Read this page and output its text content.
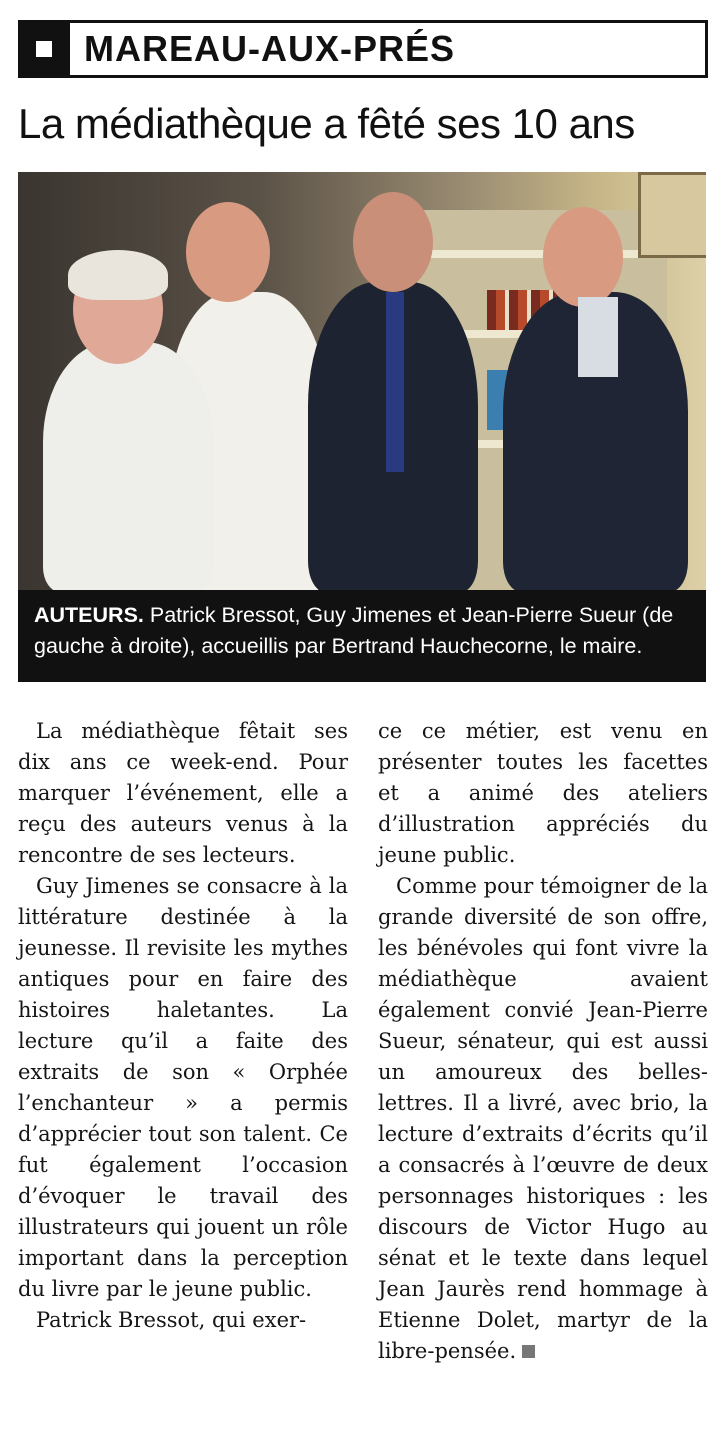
MAREAU-AUX-PRÉS
La médiathèque a fêté ses 10 ans
AUTEURS. Patrick Bressot, Guy Jimenes et Jean-Pierre Sueur (de gauche à droite), accueillis par Bertrand Hauchecorne, le maire.

La médiathèque fêtait ses dix ans ce week-end. Pour marquer l’événement, elle a reçu des auteurs venus à la rencontre de ses lecteurs.

Guy Jimenes se consacre à la littérature destinée à la jeunesse. Il revisite les mythes antiques pour en faire des histoires haletantes. La lecture qu’il a faite des extraits de son « Orphée l’enchanteur » a permis d’apprécier tout son talent. Ce fut également l’occasion d’évoquer le travail des illustrateurs qui jouent un rôle important dans la perception du livre par le jeune public.

Patrick Bressot, qui exer-

ce ce métier, est venu en présenter toutes les facettes et a animé des ateliers d’illustration appréciés du jeune public.

Comme pour témoigner de la grande diversité de son offre, les bénévoles qui font vivre la médiathèque avaient également convié Jean-Pierre Sueur, sénateur, qui est aussi un amoureux des belles-lettres. Il a livré, avec brio, la lecture d’extraits d’écrits qu’il a consacrés à l’œuvre de deux personnages historiques : les discours de Victor Hugo au sénat et le texte dans lequel Jean Jaurès rend hommage à Etienne Dolet, martyr de la libre-pensée.
